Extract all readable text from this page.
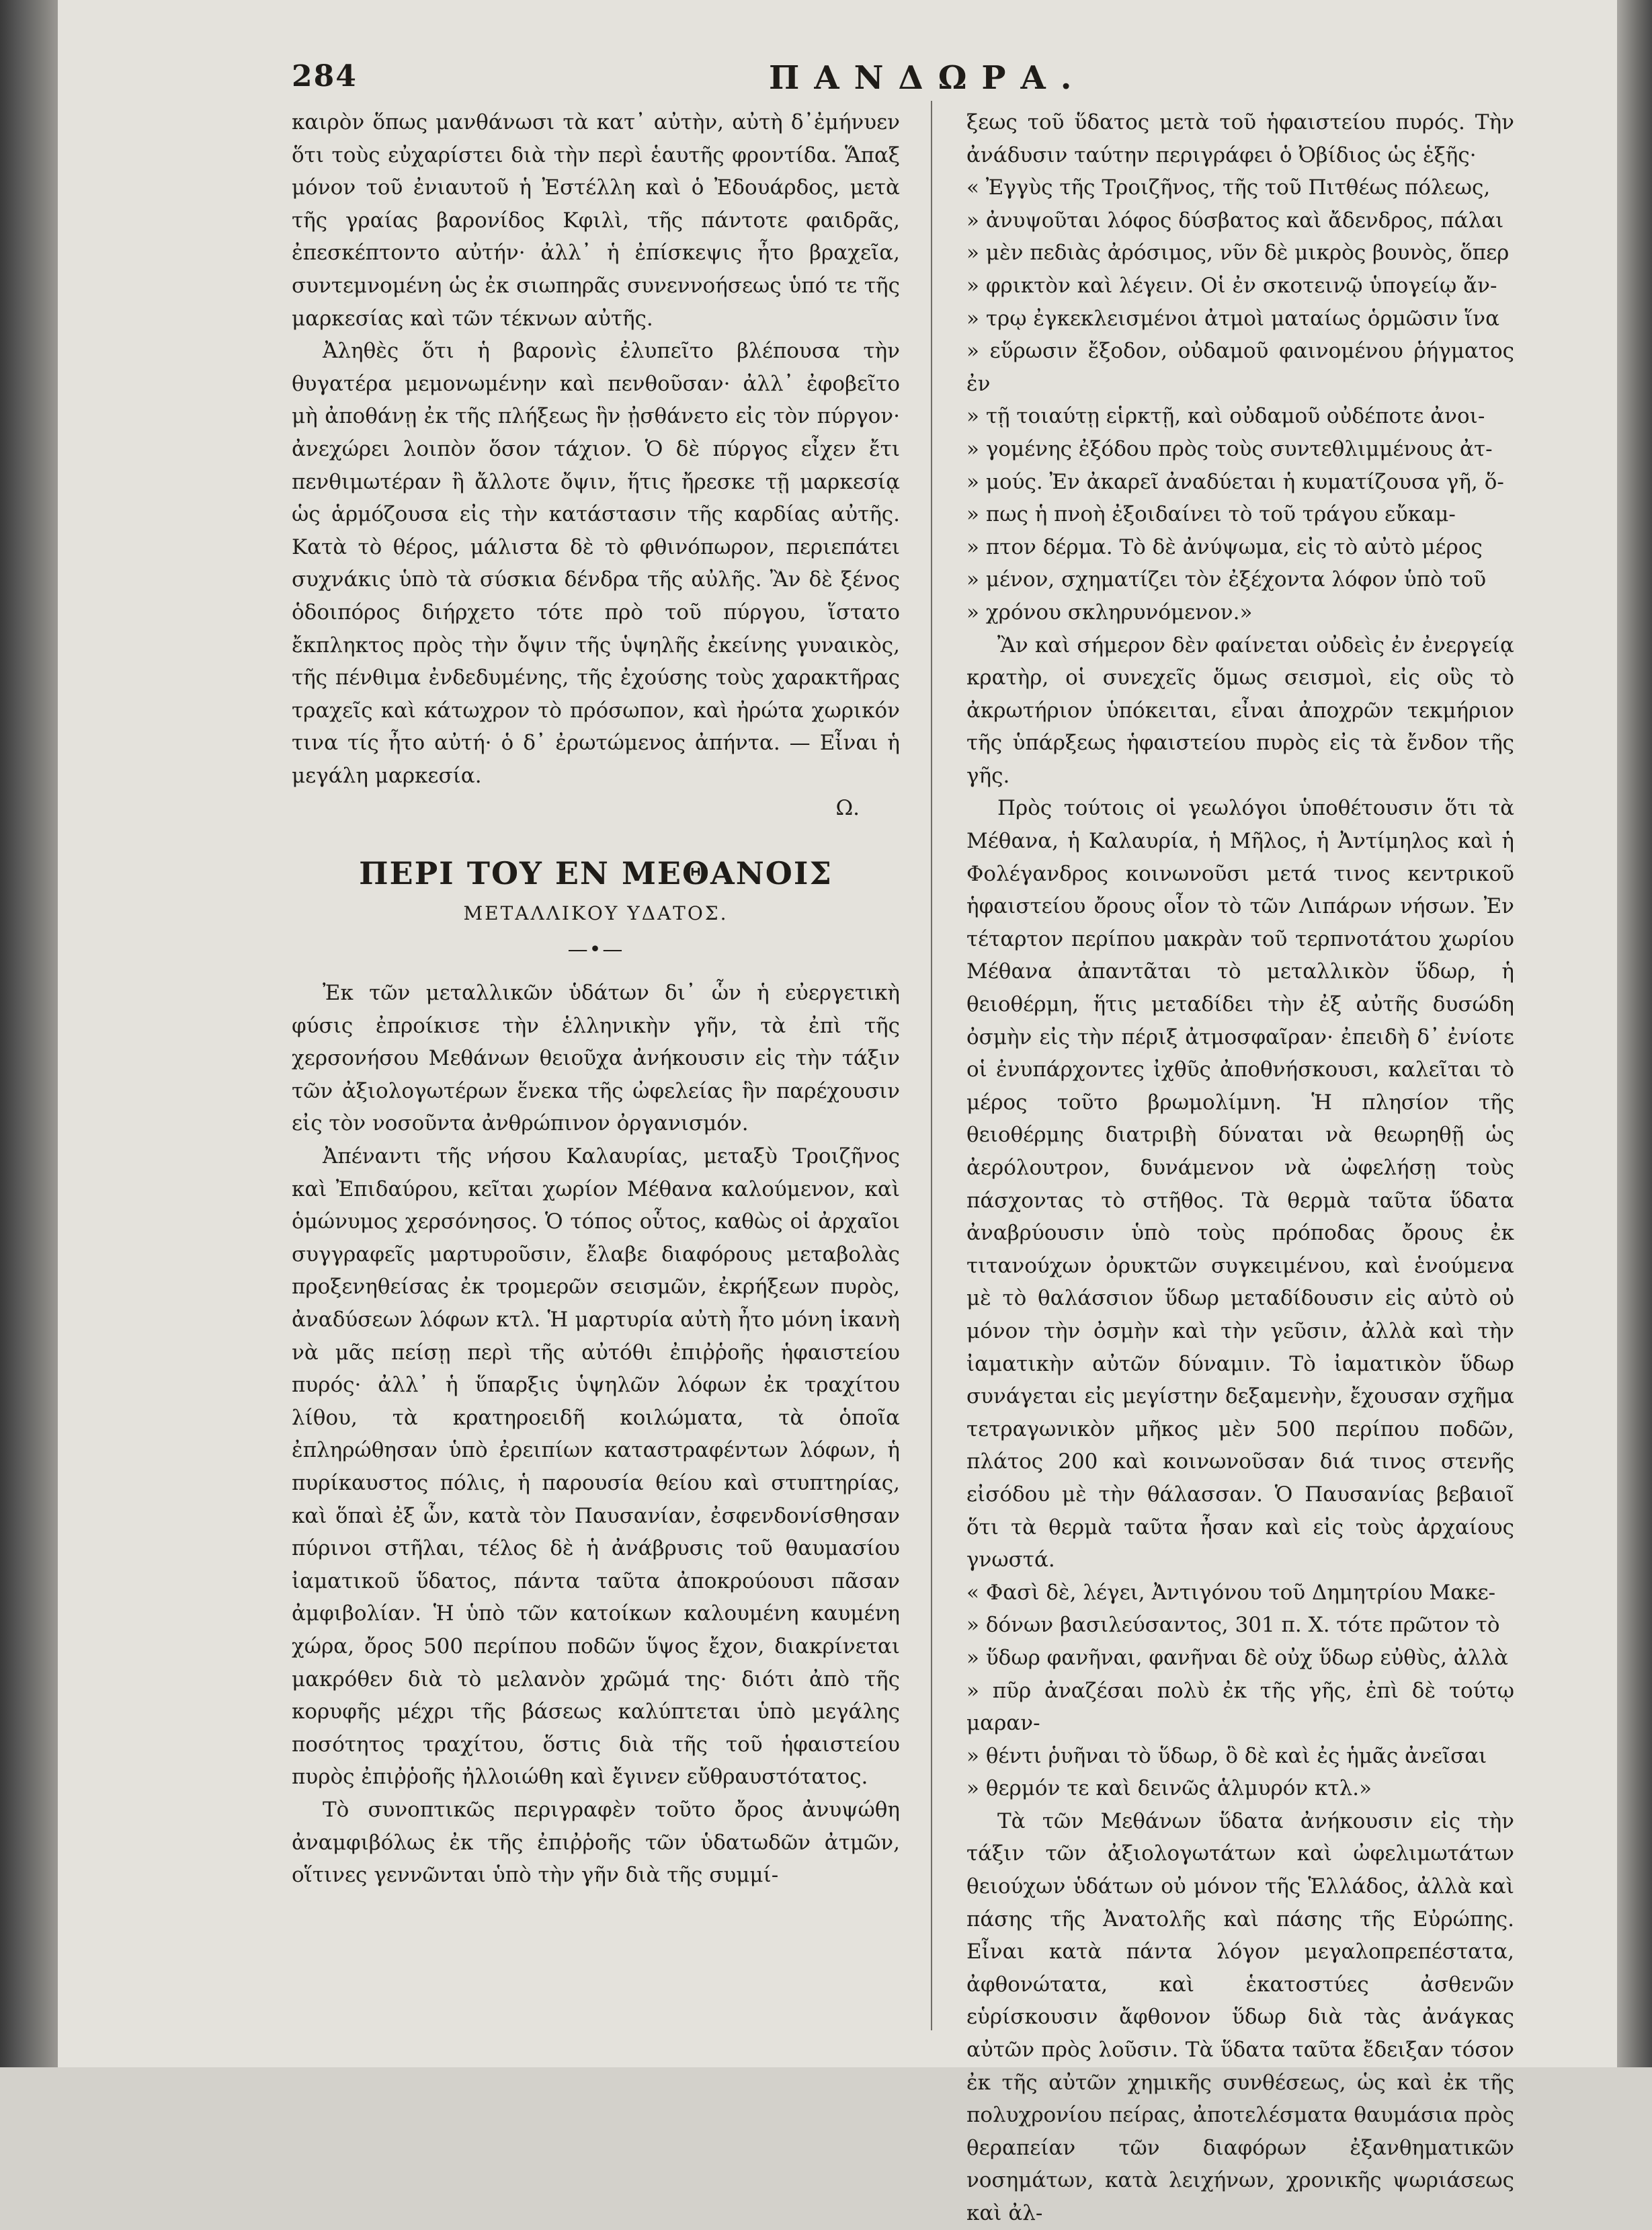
284	ΠΑΝΔΩΡΑ.

καιρὸν ὅπως μανθάνωσι τὰ κατ᾽ αὐτὴν, αὐτὴ δ᾽ἐμήνυεν ὅτι τοὺς εὐχαρίστει διὰ τὴν περὶ ἑαυτῆς φροντίδα. Ἅπαξ μόνον τοῦ ἐνιαυτοῦ ἡ Ἐστέλλη καὶ ὁ Ἐδουάρδος, μετὰ τῆς γραίας βαρονίδος Κφιλὶ, τῆς πάντοτε φαιδρᾶς, ἐπεσκέπτοντο αὐτήν· ἀλλ᾽ ἡ ἐπίσκεψις ἦτο βραχεῖα, συντεμνομένη ὡς ἐκ σιωπηρᾶς συνεννοήσεως ὑπό τε τῆς μαρκεσίας καὶ τῶν τέκνων αὐτῆς.

Ἀληθὲς ὅτι ἡ βαρονὶς ἐλυπεῖτο βλέπουσα τὴν θυγατέρα μεμονωμένην καὶ πενθοῦσαν· ἀλλ᾽ ἐφοβεῖτο μὴ ἀποθάνῃ ἐκ τῆς πλήξεως ἣν ᾐσθάνετο εἰς τὸν πύργον· ἀνεχώρει λοιπὸν ὅσον τάχιον. Ὁ δὲ πύργος εἶχεν ἔτι πενθιμωτέραν ἢ ἄλλοτε ὄψιν, ἥτις ἤρεσκε τῇ μαρκεσίᾳ ὡς ἁρμόζουσα εἰς τὴν κατάστασιν τῆς καρδίας αὐτῆς. Κατὰ τὸ θέρος, μάλιστα δὲ τὸ φθινόπωρον, περιεπάτει συχνάκις ὑπὸ τὰ σύσκια δένδρα τῆς αὐλῆς. Ἂν δὲ ξένος ὁδοιπόρος διήρχετο τότε πρὸ τοῦ πύργου, ἵστατο ἔκπληκτος πρὸς τὴν ὄψιν τῆς ὑψηλῆς ἐκείνης γυναικὸς, τῆς πένθιμα ἐνδεδυμένης, τῆς ἐχούσης τοὺς χαρακτῆρας τραχεῖς καὶ κάτωχρον τὸ πρόσωπον, καὶ ἠρώτα χωρικόν τινα τίς ἦτο αὐτή· ὁ δ᾽ ἐρωτώμενος ἀπήντα. — Εἶναι ἡ μεγάλη μαρκεσία.

Ω.

ΠΕΡΙ ΤΟΥ ΕΝ ΜΕΘΑΝΟΙΣ
ΜΕΤΑΛΛΙΚΟΥ ΥΔΑΤΟΣ.
—•—

Ἐκ τῶν μεταλλικῶν ὑδάτων δι᾽ ὧν ἡ εὐεργετικὴ φύσις ἐπροίκισε τὴν ἑλληνικὴν γῆν, τὰ ἐπὶ τῆς χερσονήσου Μεθάνων θειοῦχα ἀνήκουσιν εἰς τὴν τάξιν τῶν ἀξιολογωτέρων ἕνεκα τῆς ὠφελείας ἣν παρέχουσιν εἰς τὸν νοσοῦντα ἀνθρώπινον ὀργανισμόν.

Ἀπέναντι τῆς νήσου Καλαυρίας, μεταξὺ Τροιζῆνος καὶ Ἐπιδαύρου, κεῖται χωρίον Μέθανα καλούμενον, καὶ ὁμώνυμος χερσόνησος. Ὁ τόπος οὗτος, καθὼς οἱ ἀρχαῖοι συγγραφεῖς μαρτυροῦσιν, ἔλαβε διαφόρους μεταβολὰς προξενηθείσας ἐκ τρομερῶν σεισμῶν, ἐκρήξεων πυρὸς, ἀναδύσεων λόφων κτλ. Ἡ μαρτυρία αὐτὴ ἦτο μόνη ἱκανὴ νὰ μᾶς πείσῃ περὶ τῆς αὐτόθι ἐπιῤῥοῆς ἡφαιστείου πυρός· ἀλλ᾽ ἡ ὕπαρξις ὑψηλῶν λόφων ἐκ τραχίτου λίθου, τὰ κρατηροειδῆ κοιλώματα, τὰ ὁποῖα ἐπληρώθησαν ὑπὸ ἐρειπίων καταστραφέντων λόφων, ἡ πυρίκαυστος πόλις, ἡ παρουσία θείου καὶ στυπτηρίας, καὶ ὅπαὶ ἐξ ὧν, κατὰ τὸν Παυσανίαν, ἐσφενδονίσθησαν πύρινοι στῆλαι, τέλος δὲ ἡ ἀνάβρυσις τοῦ θαυμασίου ἰαματικοῦ ὕδατος, πάντα ταῦτα ἀποκρούουσι πᾶσαν ἀμφιβολίαν. Ἡ ὑπὸ τῶν κατοίκων καλουμένη καυμένη χώρα, ὄρος 500 περίπου ποδῶν ὕψος ἔχον, διακρίνεται μακρόθεν διὰ τὸ μελανὸν χρῶμά της· διότι ἀπὸ τῆς κορυφῆς μέχρι τῆς βάσεως καλύπτεται ὑπὸ μεγάλης ποσότητος τραχίτου, ὅστις διὰ τῆς τοῦ ἡφαιστείου πυρὸς ἐπιῤῥοῆς ἠλλοιώθη καὶ ἔγινεν εὔθραυστότατος.

Τὸ συνοπτικῶς περιγραφὲν τοῦτο ὄρος ἀνυψώθη ἀναμφιβόλως ἐκ τῆς ἐπιῤῥοῆς τῶν ὑδατωδῶν ἀτμῶν, οἵτινες γεννῶνται ὑπὸ τὴν γῆν διὰ τῆς συμμί-

ξεως τοῦ ὕδατος μετὰ τοῦ ἡφαιστείου πυρός. Τὴν ἀνάδυσιν ταύτην περιγράφει ὁ Ὀβίδιος ὡς ἑξῆς·

« Ἐγγὺς τῆς Τροιζῆνος, τῆς τοῦ Πιτθέως πόλεως,

» ἀνυψοῦται λόφος δύσβατος καὶ ἄδενδρος, πάλαι

» μὲν πεδιὰς ἀρόσιμος, νῦν δὲ μικρὸς βουνὸς, ὅπερ

» φρικτὸν καὶ λέγειν. Οἱ ἐν σκοτεινῷ ὑπογείῳ ἄν-

» τρῳ ἐγκεκλεισμένοι ἀτμοὶ ματαίως ὁρμῶσιν ἵνα

» εὕρωσιν ἔξοδον, οὐδαμοῦ φαινομένου ῥήγματος ἐν

» τῇ τοιαύτῃ εἱρκτῇ, καὶ οὐδαμοῦ οὐδέποτε ἀνοι-

» γομένης ἐξόδου πρὸς τοὺς συντεθλιμμένους ἀτ-

» μούς. Ἐν ἀκαρεῖ ἀναδύεται ἡ κυματίζουσα γῆ, ὅ-

» πως ἡ πνοὴ ἐξοιδαίνει τὸ τοῦ τράγου εὔκαμ-

» πτον δέρμα. Τὸ δὲ ἀνύψωμα, εἰς τὸ αὐτὸ μέρος

» μένον, σχηματίζει τὸν ἐξέχοντα λόφον ὑπὸ τοῦ

» χρόνου σκληρυνόμενον.»

Ἂν καὶ σήμερον δὲν φαίνεται οὐδεὶς ἐν ἐνεργείᾳ κρατὴρ, οἱ συνεχεῖς ὅμως σεισμοὶ, εἰς οὓς τὸ ἀκρωτήριον ὑπόκειται, εἶναι ἀποχρῶν τεκμήριον τῆς ὑπάρξεως ἡφαιστείου πυρὸς εἰς τὰ ἔνδον τῆς γῆς.

Πρὸς τούτοις οἱ γεωλόγοι ὑποθέτουσιν ὅτι τὰ Μέθανα, ἡ Καλαυρία, ἡ Μῆλος, ἡ Ἀντίμηλος καὶ ἡ Φολέγανδρος κοινωνοῦσι μετά τινος κεντρικοῦ ἡφαιστείου ὄρους οἷον τὸ τῶν Λιπάρων νήσων. Ἐν τέταρτον περίπου μακρὰν τοῦ τερπνοτάτου χωρίου Μέθανα ἀπαντᾶται τὸ μεταλλικὸν ὕδωρ, ἡ θειοθέρμη, ἥτις μεταδίδει τὴν ἐξ αὐτῆς δυσώδη ὀσμὴν εἰς τὴν πέριξ ἀτμοσφαῖραν· ἐπειδὴ δ᾽ ἐνίοτε οἱ ἐνυπάρχοντες ἰχθῦς ἀποθνήσκουσι, καλεῖται τὸ μέρος τοῦτο βρωμολίμνη. Ἡ πλησίον τῆς θειοθέρμης διατριβὴ δύναται νὰ θεωρηθῇ ὡς ἀερόλουτρον, δυνάμενον νὰ ὠφελήσῃ τοὺς πάσχοντας τὸ στῆθος. Τὰ θερμὰ ταῦτα ὕδατα ἀναβρύουσιν ὑπὸ τοὺς πρόποδας ὄρους ἐκ τιτανούχων ὀρυκτῶν συγκειμένου, καὶ ἑνούμενα μὲ τὸ θαλάσσιον ὕδωρ μεταδίδουσιν εἰς αὐτὸ οὐ μόνον τὴν ὀσμὴν καὶ τὴν γεῦσιν, ἀλλὰ καὶ τὴν ἰαματικὴν αὐτῶν δύναμιν. Τὸ ἰαματικὸν ὕδωρ συνάγεται εἰς μεγίστην δεξαμενὴν, ἔχουσαν σχῆμα τετραγωνικὸν μῆκος μὲν 500 περίπου ποδῶν, πλάτος 200 καὶ κοινωνοῦσαν διά τινος στενῆς εἰσόδου μὲ τὴν θάλασσαν. Ὁ Παυσανίας βεβαιοῖ ὅτι τὰ θερμὰ ταῦτα ἦσαν καὶ εἰς τοὺς ἀρχαίους γνωστά.

« Φασὶ δὲ, λέγει, Ἀντιγόνου τοῦ Δημητρίου Μακε-

» δόνων βασιλεύσαντος, 301 π. Χ. τότε πρῶτον τὸ

» ὕδωρ φανῆναι, φανῆναι δὲ οὐχ ὕδωρ εὐθὺς, ἀλλὰ

» πῦρ ἀναζέσαι πολὺ ἐκ τῆς γῆς, ἐπὶ δὲ τούτῳ μαραν-

» θέντι ῥυῆναι τὸ ὕδωρ, ὃ δὲ καὶ ἐς ἡμᾶς ἀνεῖσαι

» θερμόν τε καὶ δεινῶς ἁλμυρόν κτλ.»

Τὰ τῶν Μεθάνων ὕδατα ἀνήκουσιν εἰς τὴν τάξιν τῶν ἀξιολογωτάτων καὶ ὠφελιμωτάτων θειούχων ὑδάτων οὐ μόνον τῆς Ἑλλάδος, ἀλλὰ καὶ πάσης τῆς Ἀνατολῆς καὶ πάσης τῆς Εὐρώπης. Εἶναι κατὰ πάντα λόγον μεγαλοπρεπέστατα, ἀφθονώτατα, καὶ ἑκατοστύες ἀσθενῶν εὑρίσκουσιν ἄφθονον ὕδωρ διὰ τὰς ἀνάγκας αὐτῶν πρὸς λοῦσιν. Τὰ ὕδατα ταῦτα ἔδειξαν τόσον ἐκ τῆς αὐτῶν χημικῆς συνθέσεως, ὡς καὶ ἐκ τῆς πολυχρονίου πείρας, ἀποτελέσματα θαυμάσια πρὸς θεραπείαν τῶν διαφόρων ἐξανθηματικῶν νοσημάτων, κατὰ λειχήνων, χρονικῆς ψωριάσεως καὶ ἀλ-
